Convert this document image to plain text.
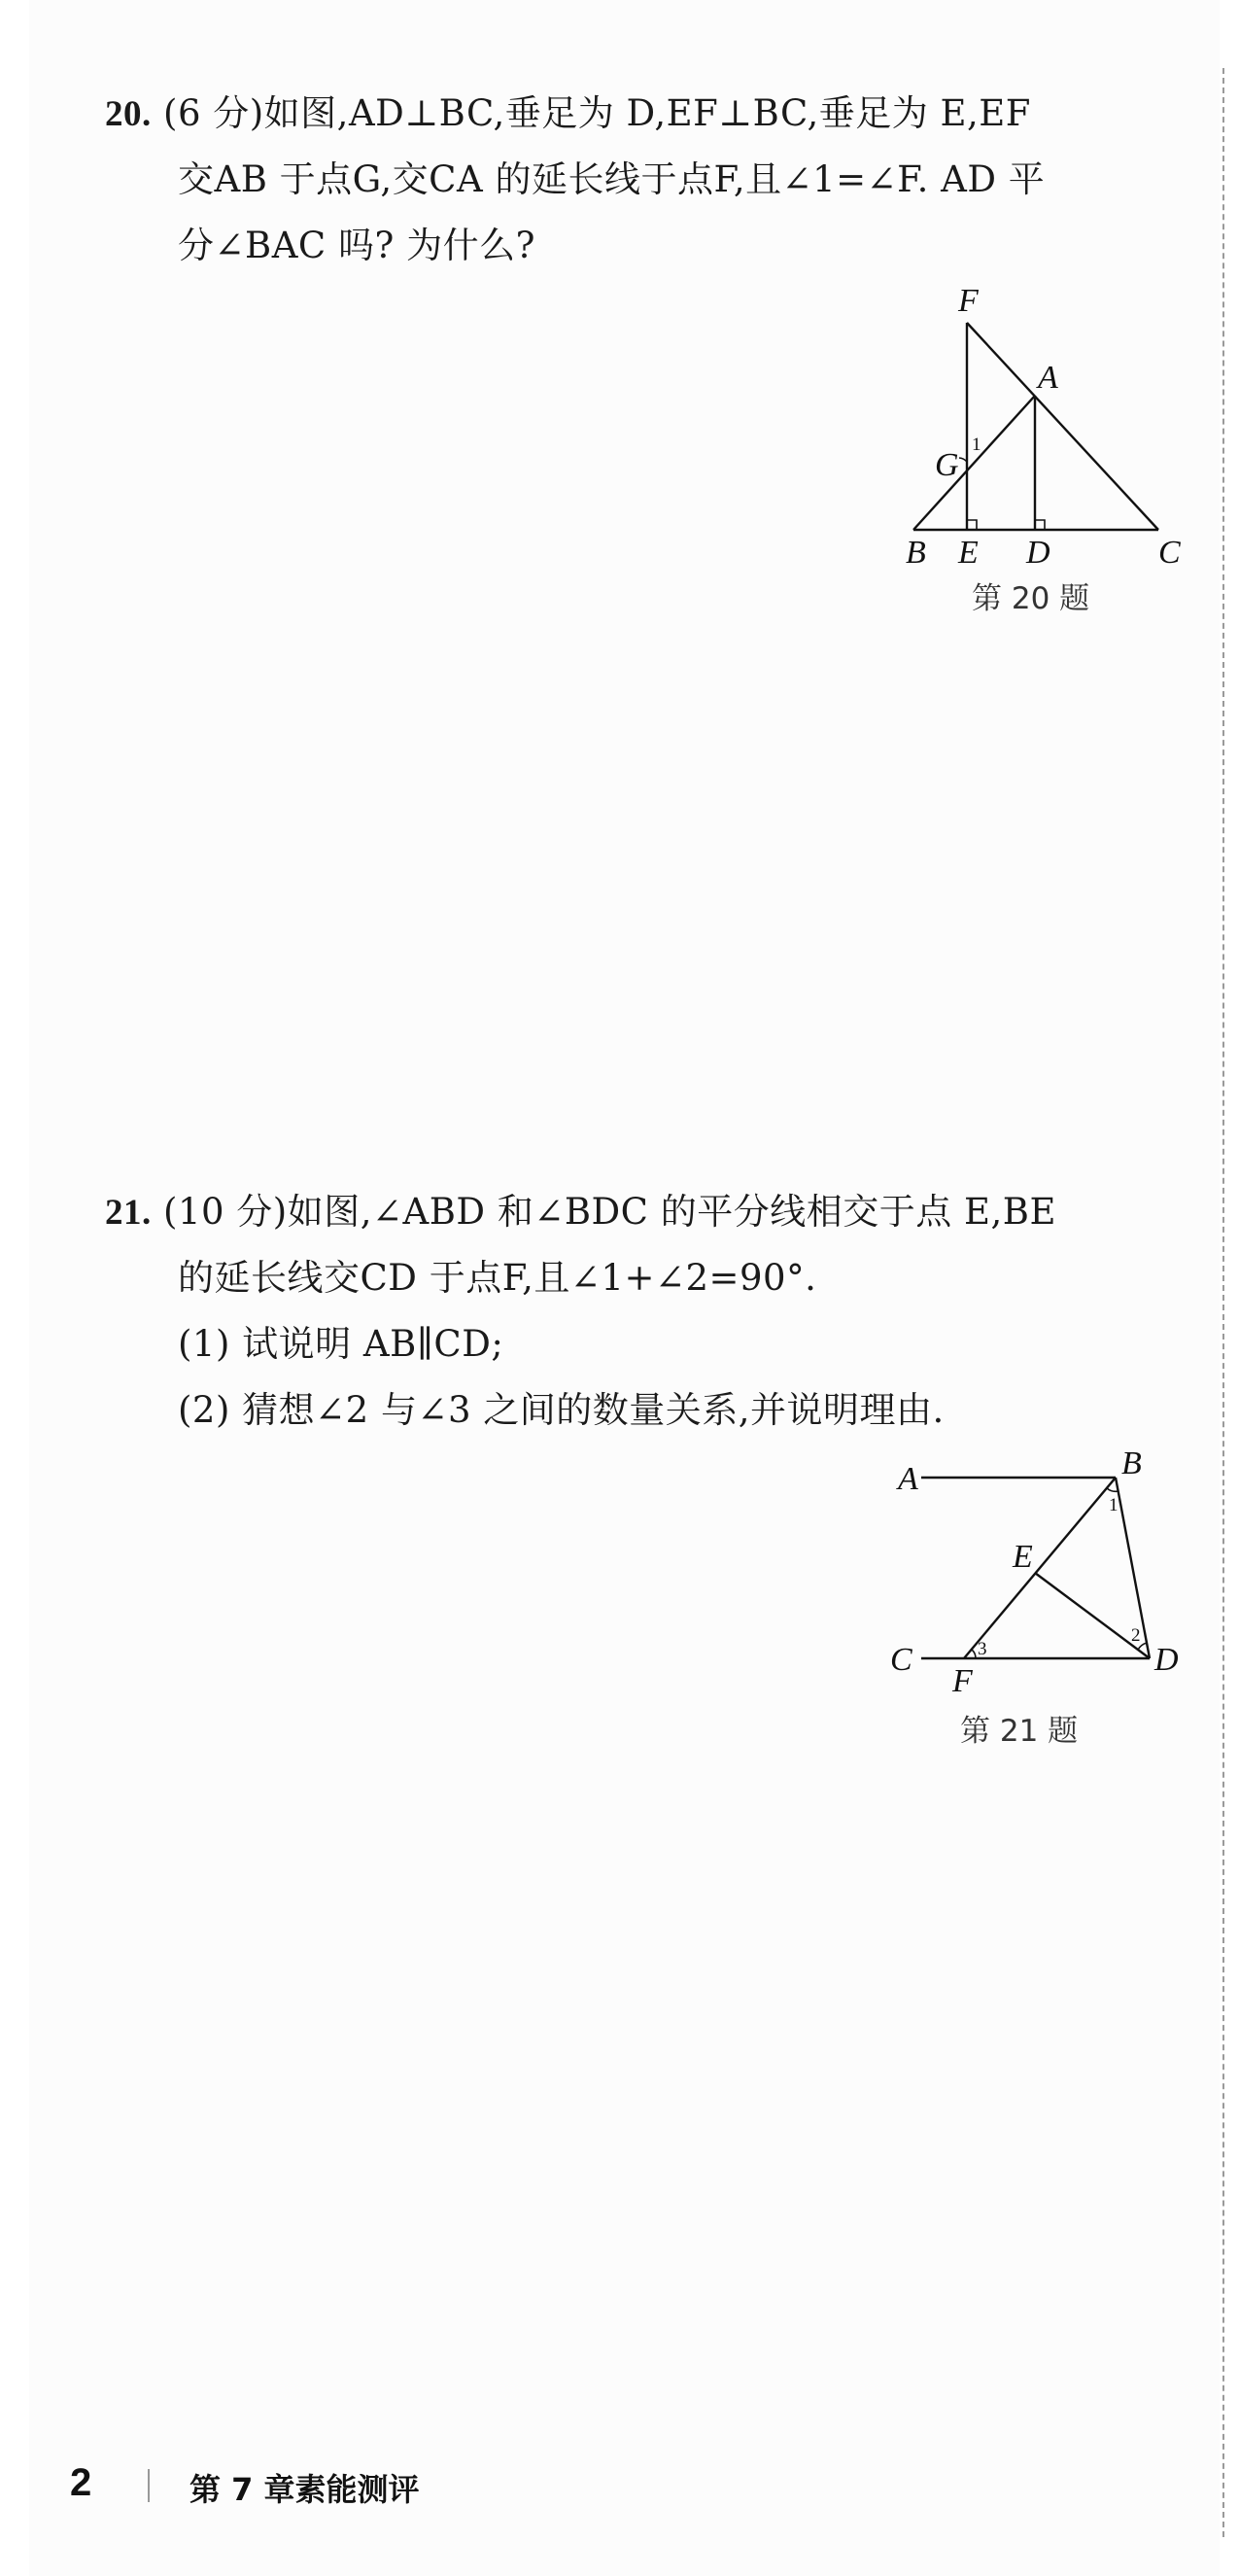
20. (6 分)如图,AD⊥BC,垂足为 D,EF⊥BC,垂足为 E,EF
交AB 于点G,交CA 的延长线于点F,且∠1=∠F. AD 平
分∠BAC 吗? 为什么?
F
A
G
1
B E D	C
第 20 题
21. (10 分)如图,∠ABD 和∠BDC 的平分线相交于点 E,BE
的延长线交CD 于点F,且∠1+∠2=90°.
(1) 试说明 AB∥CD;
(2) 猜想∠2 与∠3 之间的数量关系,并说明理由.
A	B
1
E
2
C	3
F
D
第 21 题
2	第 7 章素能测评
